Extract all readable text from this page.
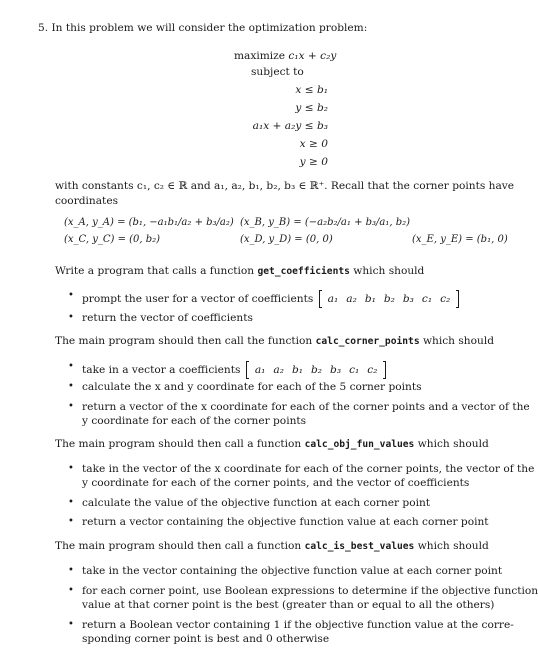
5. In this problem we will consider the optimization problem:
maximize c₁x + c₂y
subject to
x ≤ b₁
y ≤ b₂
a₁x + a₂y ≤ b₃
x ≥ 0
y ≥ 0
with constants c₁, c₂ ∈ ℝ and a₁, a₂, b₁, b₂, b₃ ∈ ℝ⁺. Recall that the corner points have
coordinates
(x_A, y_A) = (b₁, −a₁b₁/a₂ + b₃/a₂) (x_B, y_B) = (−a₂b₂/a₁ + b₃/a₁, b₂)
(x_C, y_C) = (0, b₂)	(x_D, y_D) = (0, 0)	(x_E, y_E) = (b₁, 0)
Write a program that calls a function get_coefficients which should
• prompt the user for a vector of coefficients a₁ a₂ b₁ b₂ b₃ c₁ c₂
• return the vector of coefficients
The main program should then call the function calc_corner_points which should
• take in a vector a coefficients a₁ a₂ b₁ b₂ b₃ c₁ c₂
• calculate the x and y coordinate for each of the 5 corner points
• return a vector of the x coordinate for each of the corner points and a vector of the
y coordinate for each of the corner points
The main program should then call a function calc_obj_fun_values which should
• take in the vector of the x coordinate for each of the corner points, the vector of the
y coordinate for each of the corner points, and the vector of coefficients
• calculate the value of the objective function at each corner point
• return a vector containing the objective function value at each corner point
The main program should then call a function calc_is_best_values which should
• take in the vector containing the objective function value at each corner point
• for each corner point, use Boolean expressions to determine if the objective function
value at that corner point is the best (greater than or equal to all the others)
• return a Boolean vector containing 1 if the objective function value at the corre-
sponding corner point is best and 0 otherwise
